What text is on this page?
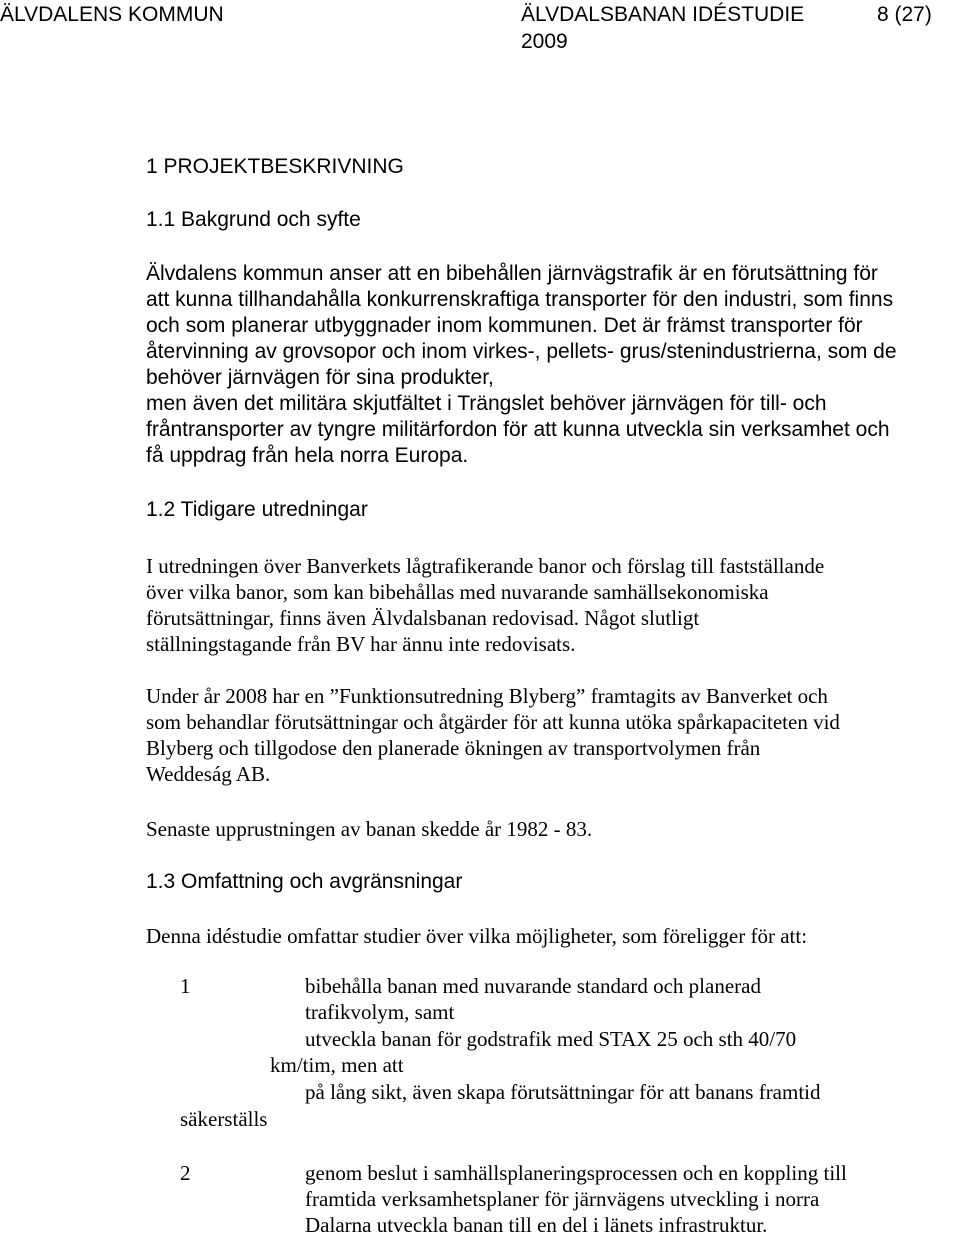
ÄLVDALENS KOMMUN	ÄLVDALSBANAN IDÉSTUDIE
2009
8 (27)
1 PROJEKTBESKRIVNING
1.1 Bakgrund och syfte
Älvdalens kommun anser att en bibehållen järnvägstrafik är en förutsättning för
att kunna tillhandahålla konkurrenskraftiga transporter för den industri, som finns
och som planerar utbyggnader inom kommunen. Det är främst transporter för
återvinning av grovsopor och inom virkes-, pellets- grus/stenindustrierna, som de
behöver järnvägen för sina produkter,
men även det militära skjutfältet i Trängslet behöver järnvägen för till- och
fråntransporter av tyngre militärfordon för att kunna utveckla sin verksamhet och
få uppdrag från hela norra Europa.
1.2 Tidigare utredningar
I utredningen över Banverkets lågtrafikerande banor och förslag till fastställande
över vilka banor, som kan bibehållas med nuvarande samhällsekonomiska
förutsättningar, finns även Älvdalsbanan redovisad. Något slutligt
ställningstagande från BV har ännu inte redovisats.
Under år 2008 har en ”Funktionsutredning Blyberg” framtagits av Banverket och
som behandlar förutsättningar och åtgärder för att kunna utöka spårkapaciteten vid
Blyberg och tillgodose den planerade ökningen av transportvolymen från
Weddeság AB.
Senaste upprustningen av banan skedde år 1982 - 83.
1.3 Omfattning och avgränsningar
Denna idéstudie omfattar studier över vilka möjligheter, som föreligger för att:
1	bibehålla banan med nuvarande standard och planerad
trafikvolym, samt
utveckla banan för godstrafik med STAX 25 och sth 40/70
km/tim, men att
på lång sikt, även skapa förutsättningar för att banans framtid
säkerställs
2	genom beslut i samhällsplaneringsprocessen och en koppling till
framtida verksamhetsplaner för järnvägens utveckling i norra
Dalarna utveckla banan till en del i länets infrastruktur.
